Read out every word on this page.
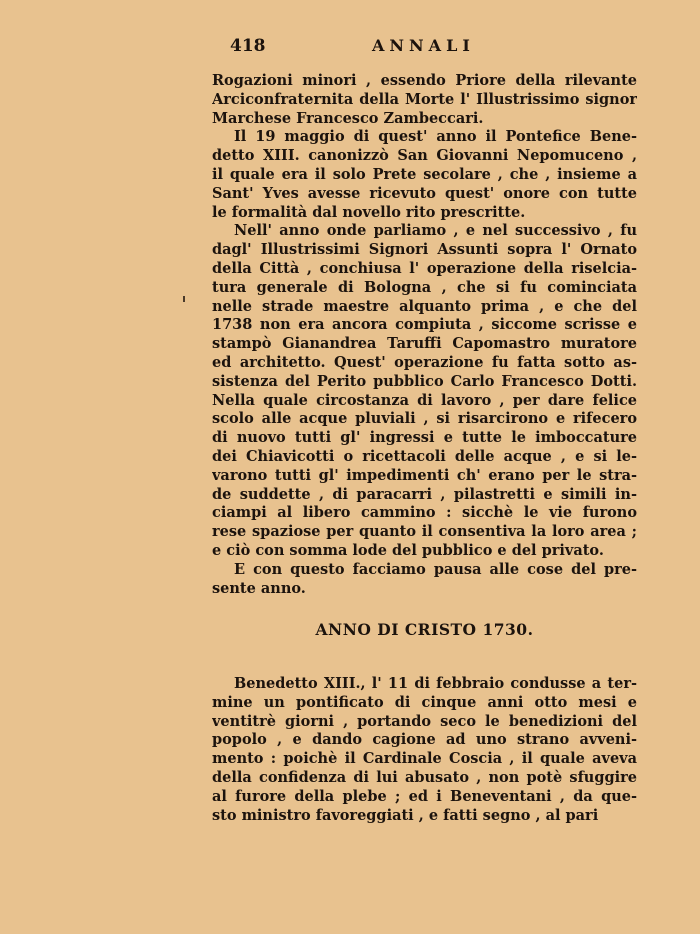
418	ANNALI
Rogazioni minori , essendo Priore della rilevante
Arciconfraternita della Morte l' Illustrissimo signor
Marchese Francesco Zambeccari.
Il 19 maggio di quest' anno il Pontefice Bene-
detto XIII. canonizzò San Giovanni Nepomuceno ,
il quale era il solo Prete secolare , che , insieme a
Sant' Yves avesse ricevuto quest' onore con tutte
le formalità dal novello rito prescritte.
Nell' anno onde parliamo , e nel successivo , fu
dagl' Illustrissimi Signori Assunti sopra l' Ornato
della Città , conchiusa l' operazione della riselcia-
tura generale di Bologna , che si fu cominciata
nelle strade maestre alquanto prima , e che del
1738 non era ancora compiuta , siccome scrisse e
stampò Gianandrea Taruffi Capomastro muratore
ed architetto. Quest' operazione fu fatta sotto as-
sistenza del Perito pubblico Carlo Francesco Dotti.
Nella quale circostanza di lavoro , per dare felice
scolo alle acque pluviali , si risarcirono e rifecero
di nuovo tutti gl' ingressi e tutte le imboccature
dei Chiavicotti o ricettacoli delle acque , e si le-
varono tutti gl' impedimenti ch' erano per le stra-
de suddette , di paracarri , pilastretti e simili in-
ciampi al libero cammino : sicchè le vie furono
rese spaziose per quanto il consentiva la loro area ;
e ciò con somma lode del pubblico e del privato.
E con questo facciamo pausa alle cose del pre-
sente anno.
ANNO DI CRISTO 1730.
Benedetto XIII., l' 11 di febbraio condusse a ter-
mine un pontificato di cinque anni otto mesi e
ventitrè giorni , portando seco le benedizioni del
popolo , e dando cagione ad uno strano avveni-
mento : poichè il Cardinale Coscia , il quale aveva
della confidenza di lui abusato , non potè sfuggire
al furore della plebe ; ed i Beneventani , da que-
sto ministro favoreggiati , e fatti segno , al pari
